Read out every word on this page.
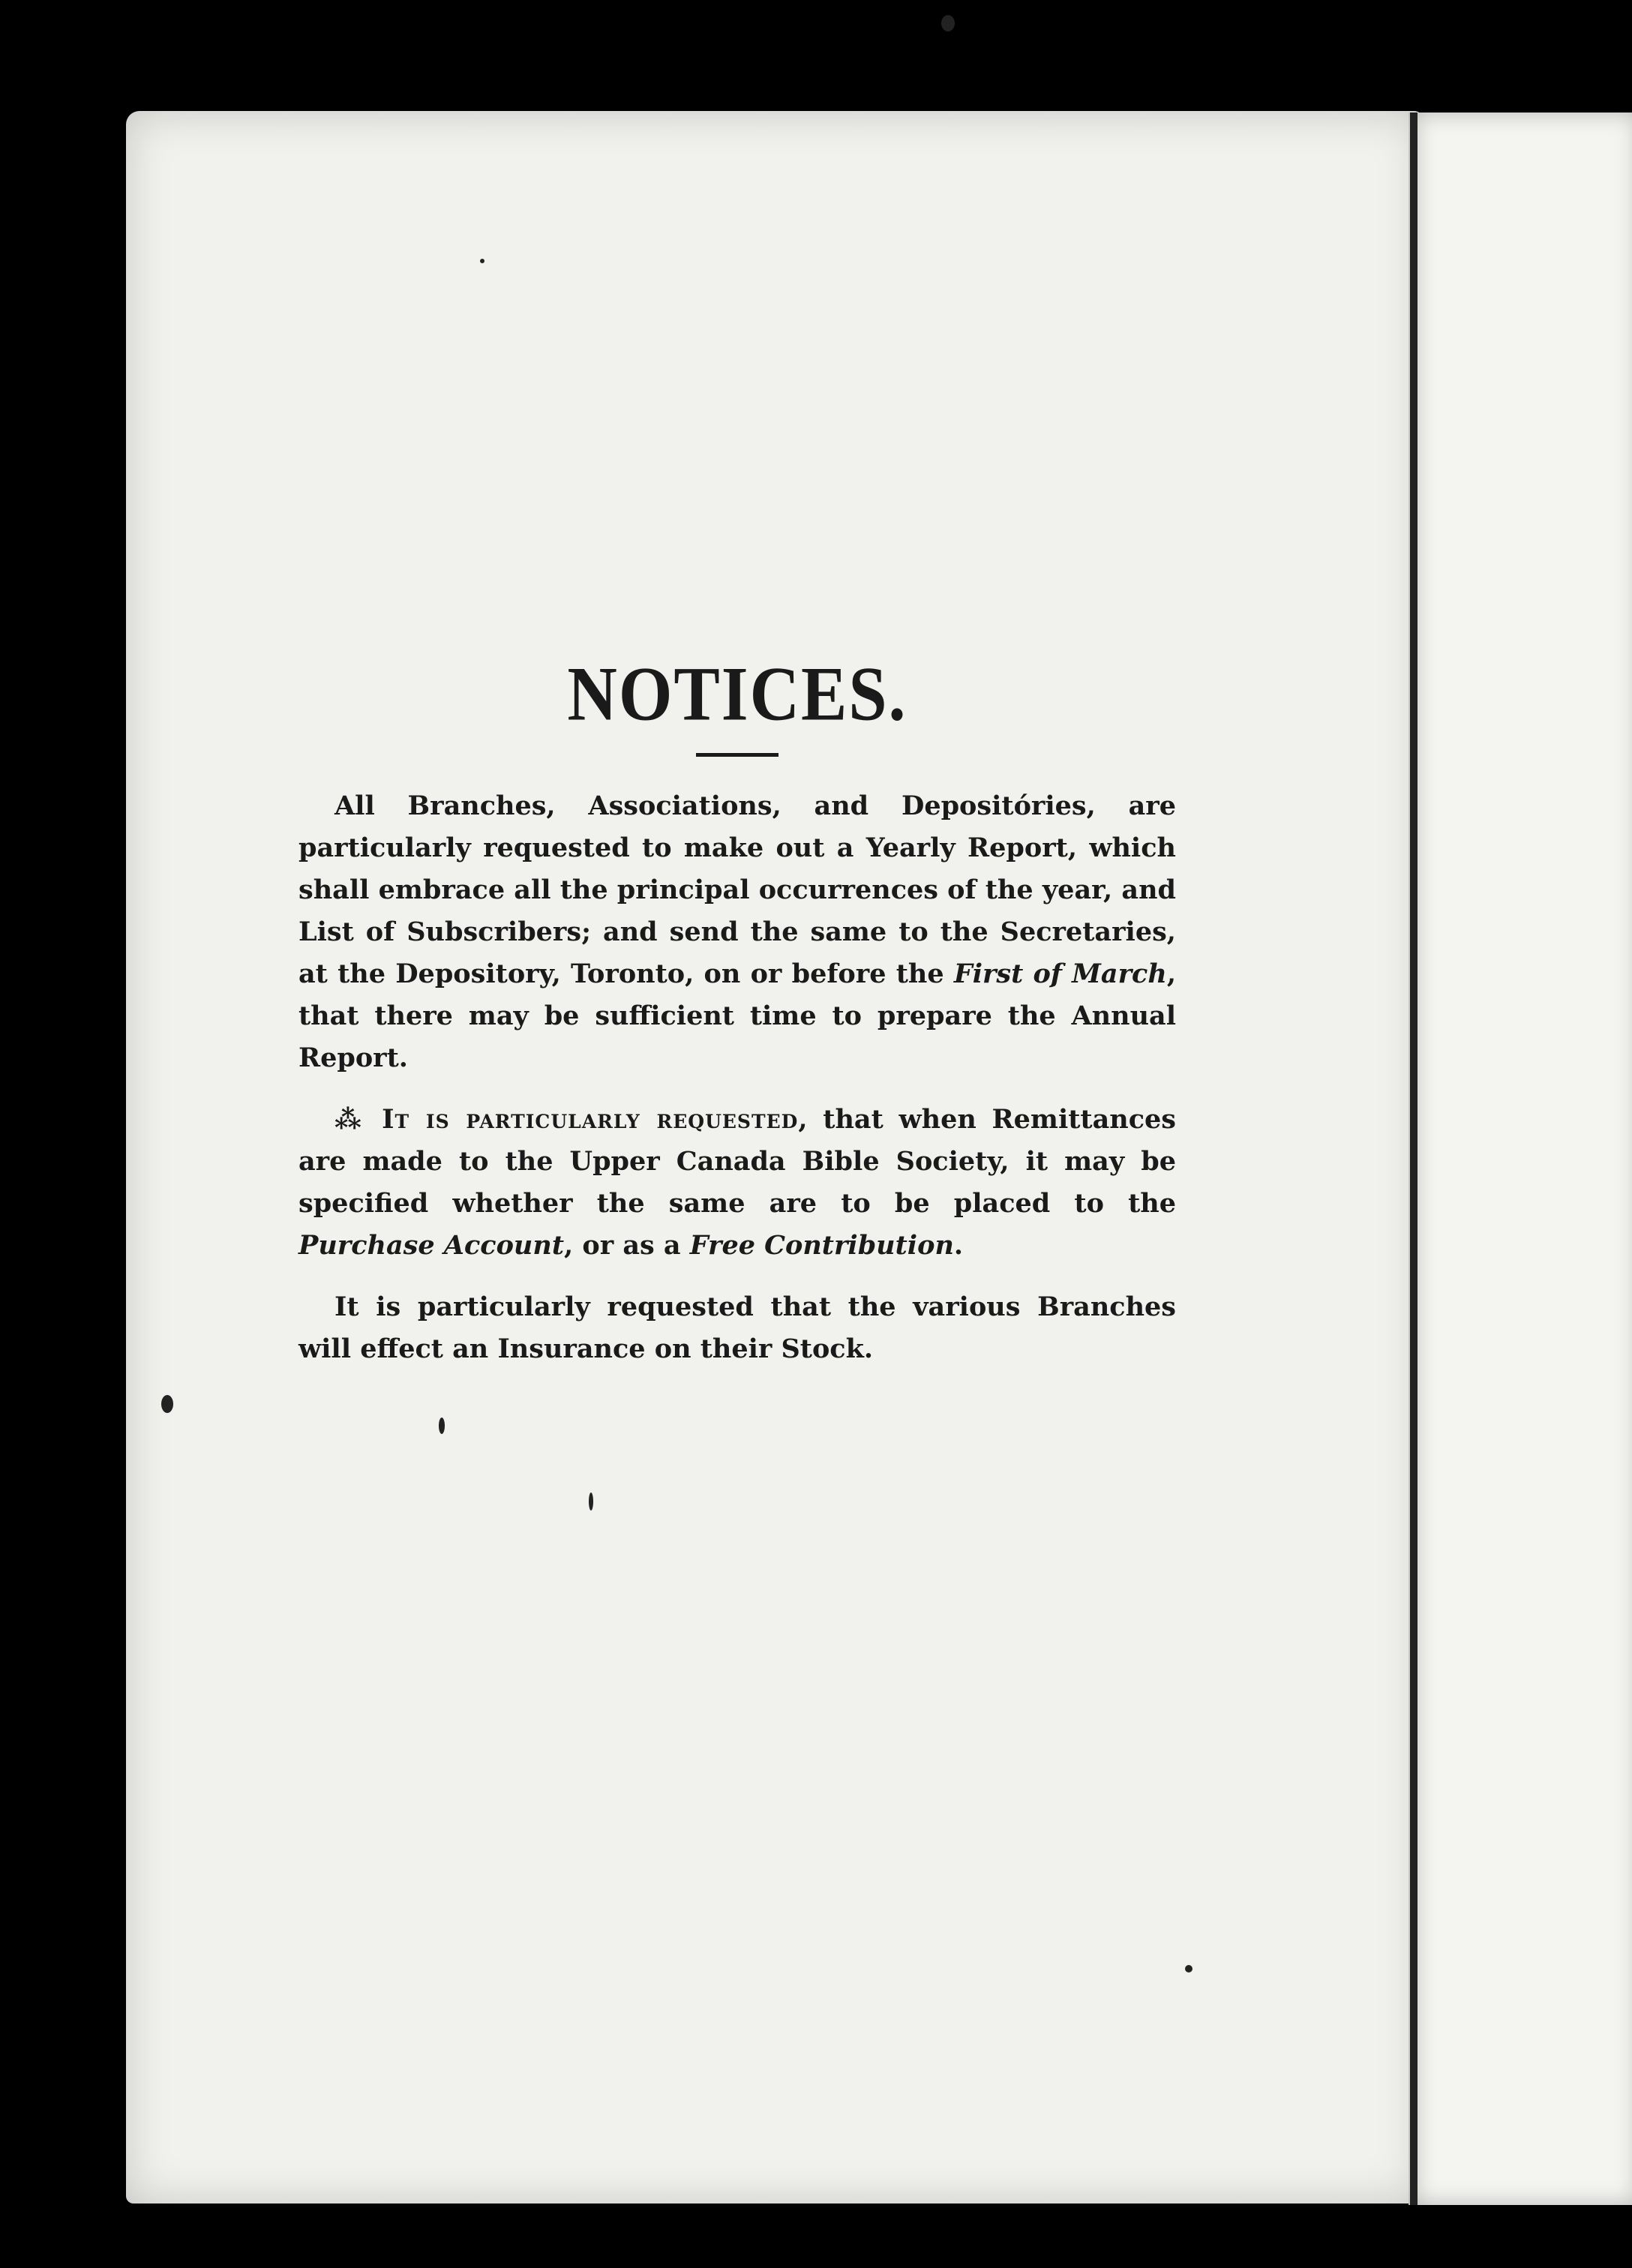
NOTICES.

All Branches, Associations, and Depositóries, are particularly requested to make out a Yearly Report, which shall embrace all the principal occurrences of the year, and List of Subscribers; and send the same to the Secretaries, at the Depository, Toronto, on or before the First of March, that there may be sufficient time to prepare the Annual Report.

⁂ It is particularly requested, that when Remittances are made to the Upper Canada Bible Society, it may be specified whether the same are to be placed to the Purchase Account, or as a Free Contribution.

It is particularly requested that the various Branches will effect an Insurance on their Stock.
